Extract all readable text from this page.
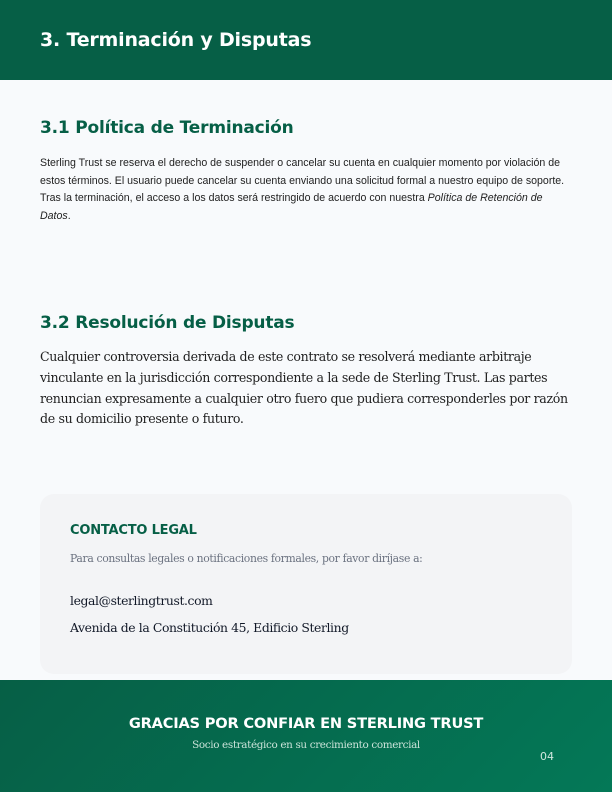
3. Terminación y Disputas
3.1 Política de Terminación

Sterling Trust se reserva el derecho de suspender o cancelar su cuenta en cualquier momento por violación de estos términos. El usuario puede cancelar su cuenta enviando una solicitud formal a nuestro equipo de soporte. Tras la terminación, el acceso a los datos será restringido de acuerdo con nuestra Política de Retención de Datos.

3.2 Resolución de Disputas

Cualquier controversia derivada de este contrato se resolverá mediante arbitraje vinculante en la jurisdicción correspondiente a la sede de Sterling Trust. Las partes renuncian expresamente a cualquier otro fuero que pudiera corresponderles por razón de su domicilio presente o futuro.

CONTACTO LEGAL
Para consultas legales o notificaciones formales, por favor diríjase a:
legal@sterlingtrust.com
Avenida de la Constitución 45, Edificio Sterling
GRACIAS POR CONFIAR EN STERLING TRUST
Socio estratégico en su crecimiento comercial
04
